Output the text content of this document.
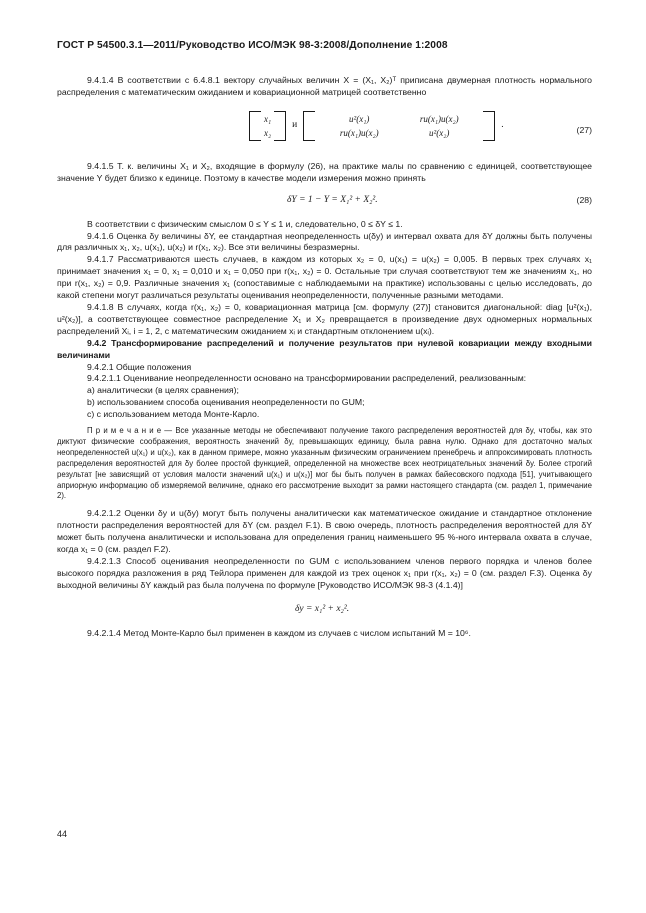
ГОСТ Р 54500.3.1—2011/Руководство ИСО/МЭК 98-3:2008/Дополнение 1:2008

9.4.1.4 В соответствии с 6.4.8.1 вектору случайных величин X = (X₁, X₂)ᵀ приписана двумерная плотность нормального распределения с математическим ожиданием и ковариационной матрицей соответственно

x₁
x₂
и
u²(x₁)	ru(x₁)u(x₂)
ru(x₁)u(x₂)	u²(x₂)
.	(27)

9.4.1.5 Т. к. величины X₁ и X₂, входящие в формулу (26), на практике малы по сравнению с единицей, соответствующее значение Y будет близко к единице. Поэтому в качестве модели измерения можно принять

δY = 1 − Y = X₁² + X₂².	(28)

В соответствии с физическим смыслом 0 ≤ Y ≤ 1 и, следовательно, 0 ≤ δY ≤ 1.

9.4.1.6 Оценка δy величины δY, ее стандартная неопределенность u(δy) и интервал охвата для δY должны быть получены для различных x₁, x₂, u(x₁), u(x₂) и r(x₁, x₂). Все эти величины безразмерны.

9.4.1.7 Рассматриваются шесть случаев, в каждом из которых x₂ = 0, u(x₁) = u(x₂) = 0,005. В первых трех случаях x₁ принимает значения x₁ = 0, x₁ = 0,010 и x₁ = 0,050 при r(x₁, x₂) = 0. Остальные три случая соответствуют тем же значениям x₁, но при r(x₁, x₂) = 0,9. Различные значения x₁ (сопоставимые с наблюдаемыми на практике) использованы с целью исследовать, до какой степени могут различаться результаты оценивания неопределенности, полученные разными методами.

9.4.1.8 В случаях, когда r(x₁, x₂) = 0, ковариационная матрица [см. формулу (27)] становится диагональной: diag [u²(x₁), u²(x₂)], а соответствующее совместное распределение X₁ и X₂ превращается в произведение двух одномерных нормальных распределений Xᵢ, i = 1, 2, с математическим ожиданием xᵢ и стандартным отклонением u(xᵢ).

9.4.2 Трансформирование распределений и получение результатов при нулевой ковариации между входными величинами

9.4.2.1 Общие положения

9.4.2.1.1 Оценивание неопределенности основано на трансформировании распределений, реализованным:

a) аналитически (в целях сравнения);
b) использованием способа оценивания неопределенности по GUM;
c) с использованием метода Монте-Карло.

П р и м е ч а н и е — Все указанные методы не обеспечивают получение такого распределения вероятностей для δy, чтобы, как это диктуют физические соображения, вероятность значений δy, превышающих единицу, была равна нулю. Однако для достаточно малых неопределенностей u(x₁) и u(x₂), как в данном примере, можно указанным физическим ограничением пренебречь и аппроксимировать плотность распределения вероятностей для δy более простой функцией, определенной на множестве всех неотрицательных значений δy. Более строгий результат [не зависящий от условия малости значений u(x₁) и u(x₂)] мог бы быть получен в рамках байесовского подхода [51], учитывающего априорную информацию об измеряемой величине, однако его рассмотрение выходит за рамки настоящего стандарта (см. раздел 1, примечание 2).

9.4.2.1.2 Оценки δy и u(δy) могут быть получены аналитически как математическое ожидание и стандартное отклонение плотности распределения вероятностей для δY (см. раздел F.1). В свою очередь, плотность распределения вероятностей для δY может быть получена аналитически и использована для определения границ наименьшего 95 %-ного интервала охвата в случае, когда x₁ = 0 (см. раздел F.2).

9.4.2.1.3 Способ оценивания неопределенности по GUM с использованием членов первого порядка и членов более высокого порядка разложения в ряд Тейлора применен для каждой из трех оценок x₁ при r(x₁, x₂) = 0 (см. раздел F.3). Оценка δy выходной величины δY каждый раз была получена по формуле [Руководство ИСО/МЭК 98-3 (4.1.4)]

δy = x₁² + x₂².

9.4.2.1.4 Метод Монте-Карло был применен в каждом из случаев с числом испытаний M = 10⁶.

44
